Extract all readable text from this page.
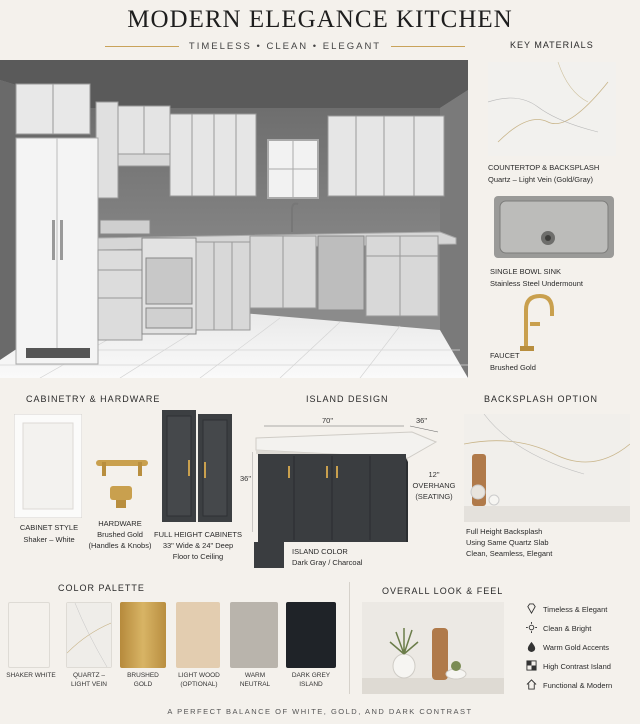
MODERN ELEGANCE KITCHEN
TIMELESS • CLEAN • ELEGANT	KEY MATERIALS
COUNTERTOP & BACKSPLASH
Quartz – Light Vein (Gold/Gray)
SINGLE BOWL SINK
Stainless Steel Undermount
FAUCET
Brushed Gold
CABINETRY & HARDWARE
CABINET STYLE
Shaker – White
HARDWARE
Brushed Gold
(Handles & Knobs)
FULL HEIGHT CABINETS
33" Wide & 24" Deep
Floor to Ceiling
ISLAND DESIGN
70"	36"
36"	12"
OVERHANG
(SEATING)
ISLAND COLOR
Dark Gray / Charcoal
BACKSPLASH OPTION
Full Height Backsplash
Using Same Quartz Slab
Clean, Seamless, Elegant
COLOR PALETTE
SHAKER WHITE	QUARTZ –
LIGHT VEIN
BRUSHED
GOLD
LIGHT WOOD
(OPTIONAL)
WARM
NEUTRAL
DARK GREY
ISLAND
OVERALL LOOK & FEEL
Timeless & Elegant
Clean & Bright
Warm Gold Accents
High Contrast Island
Functional & Modern
A PERFECT BALANCE OF WHITE, GOLD, AND DARK CONTRAST
